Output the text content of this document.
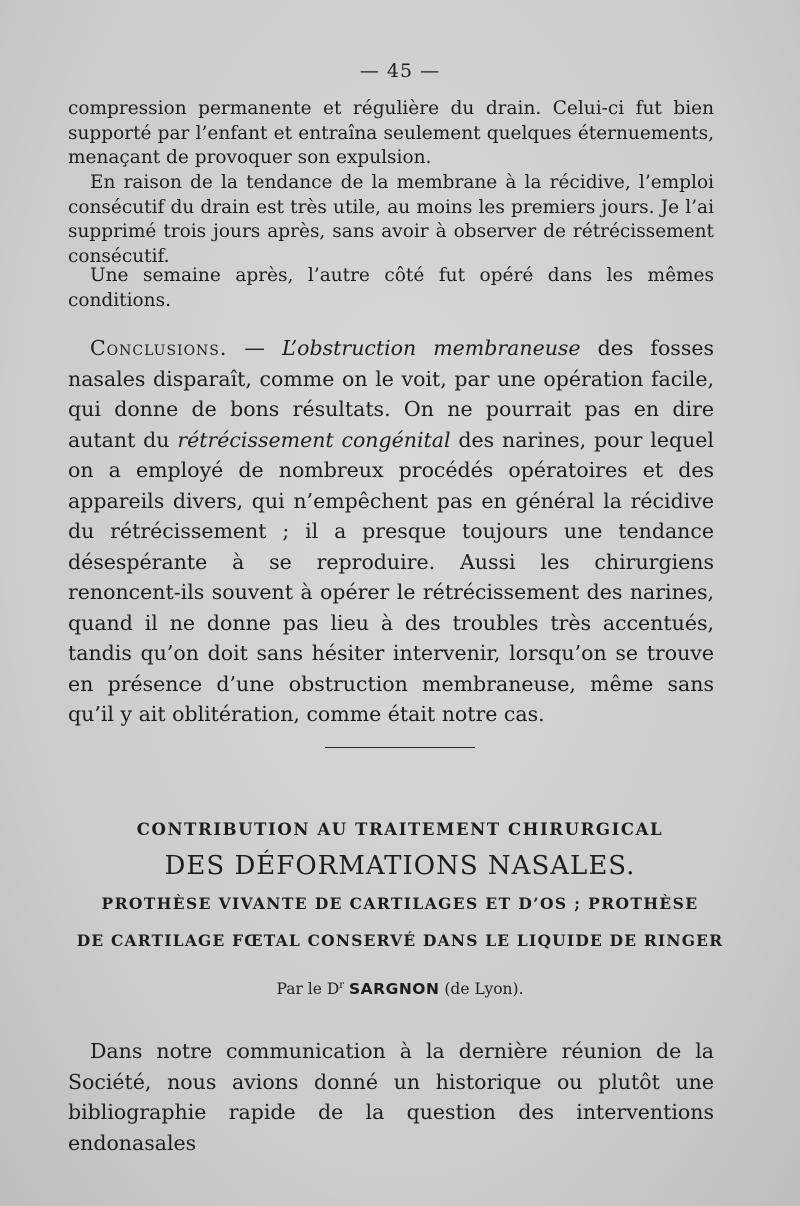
— 45 —

compression permanente et régulière du drain. Celui-ci fut bien supporté par l’enfant et entraîna seulement quelques éternuements, menaçant de provoquer son expulsion.

En raison de la tendance de la membrane à la récidive, l’emploi consécutif du drain est très utile, au moins les premiers jours. Je l’ai supprimé trois jours après, sans avoir à observer de rétrécissement consécutif.

Une semaine après, l’autre côté fut opéré dans les mêmes conditions.

Conclusions. — L’obstruction membraneuse des fosses nasales disparaît, comme on le voit, par une opération facile, qui donne de bons résultats. On ne pourrait pas en dire autant du rétrécissement congénital des narines, pour lequel on a employé de nombreux procédés opératoires et des appareils divers, qui n’empêchent pas en général la récidive du rétrécissement ; il a presque toujours une tendance désespérante à se reproduire. Aussi les chirurgiens renoncent-ils souvent à opérer le rétrécissement des narines, quand il ne donne pas lieu à des troubles très accentués, tandis qu’on doit sans hésiter intervenir, lorsqu’on se trouve en présence d’une obstruction membraneuse, même sans qu’il y ait oblitération, comme était notre cas.

CONTRIBUTION AU TRAITEMENT CHIRURGICAL
DES DÉFORMATIONS NASALES.
PROTHÈSE VIVANTE DE CARTILAGES ET D’OS ; PROTHÈSE
DE CARTILAGE FŒTAL CONSERVÉ DANS LE LIQUIDE DE RINGER
Par le $D^r$ SARGNON (de Lyon).

Dans notre communication à la dernière réunion de la Société, nous avions donné un historique ou plutôt une bibliographie rapide de la question des interventions endonasales
